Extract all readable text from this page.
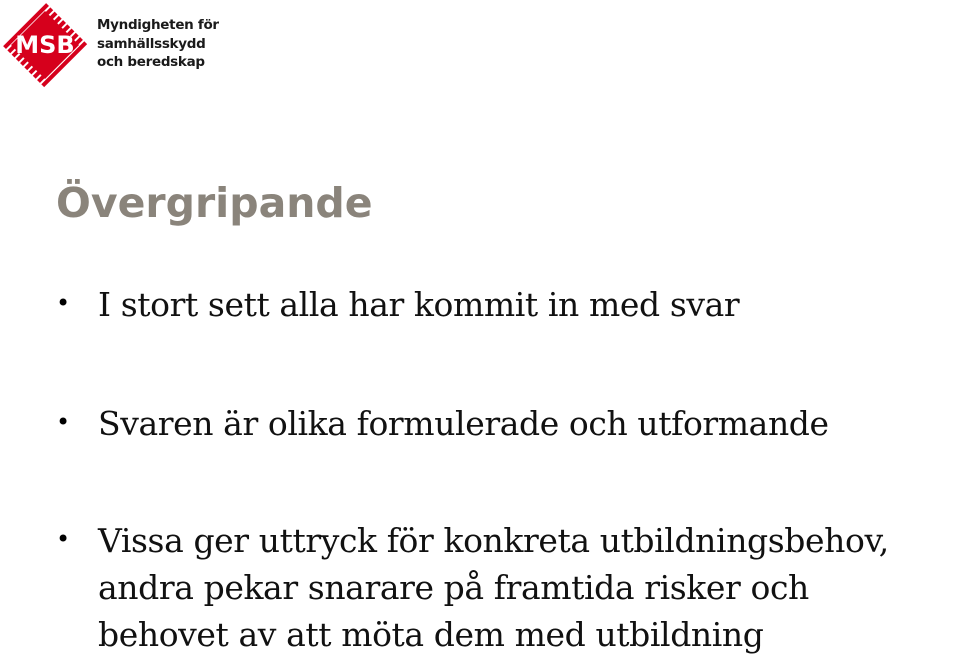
MSB
Myndigheten för
samhällsskydd
och beredskap
Övergripande
• I stort sett alla har kommit in med svar
• Svaren är olika formulerade och utformande
• Vissa ger uttryck för konkreta utbildningsbehov,
andra pekar snarare på framtida risker och
behovet av att möta dem med utbildning
